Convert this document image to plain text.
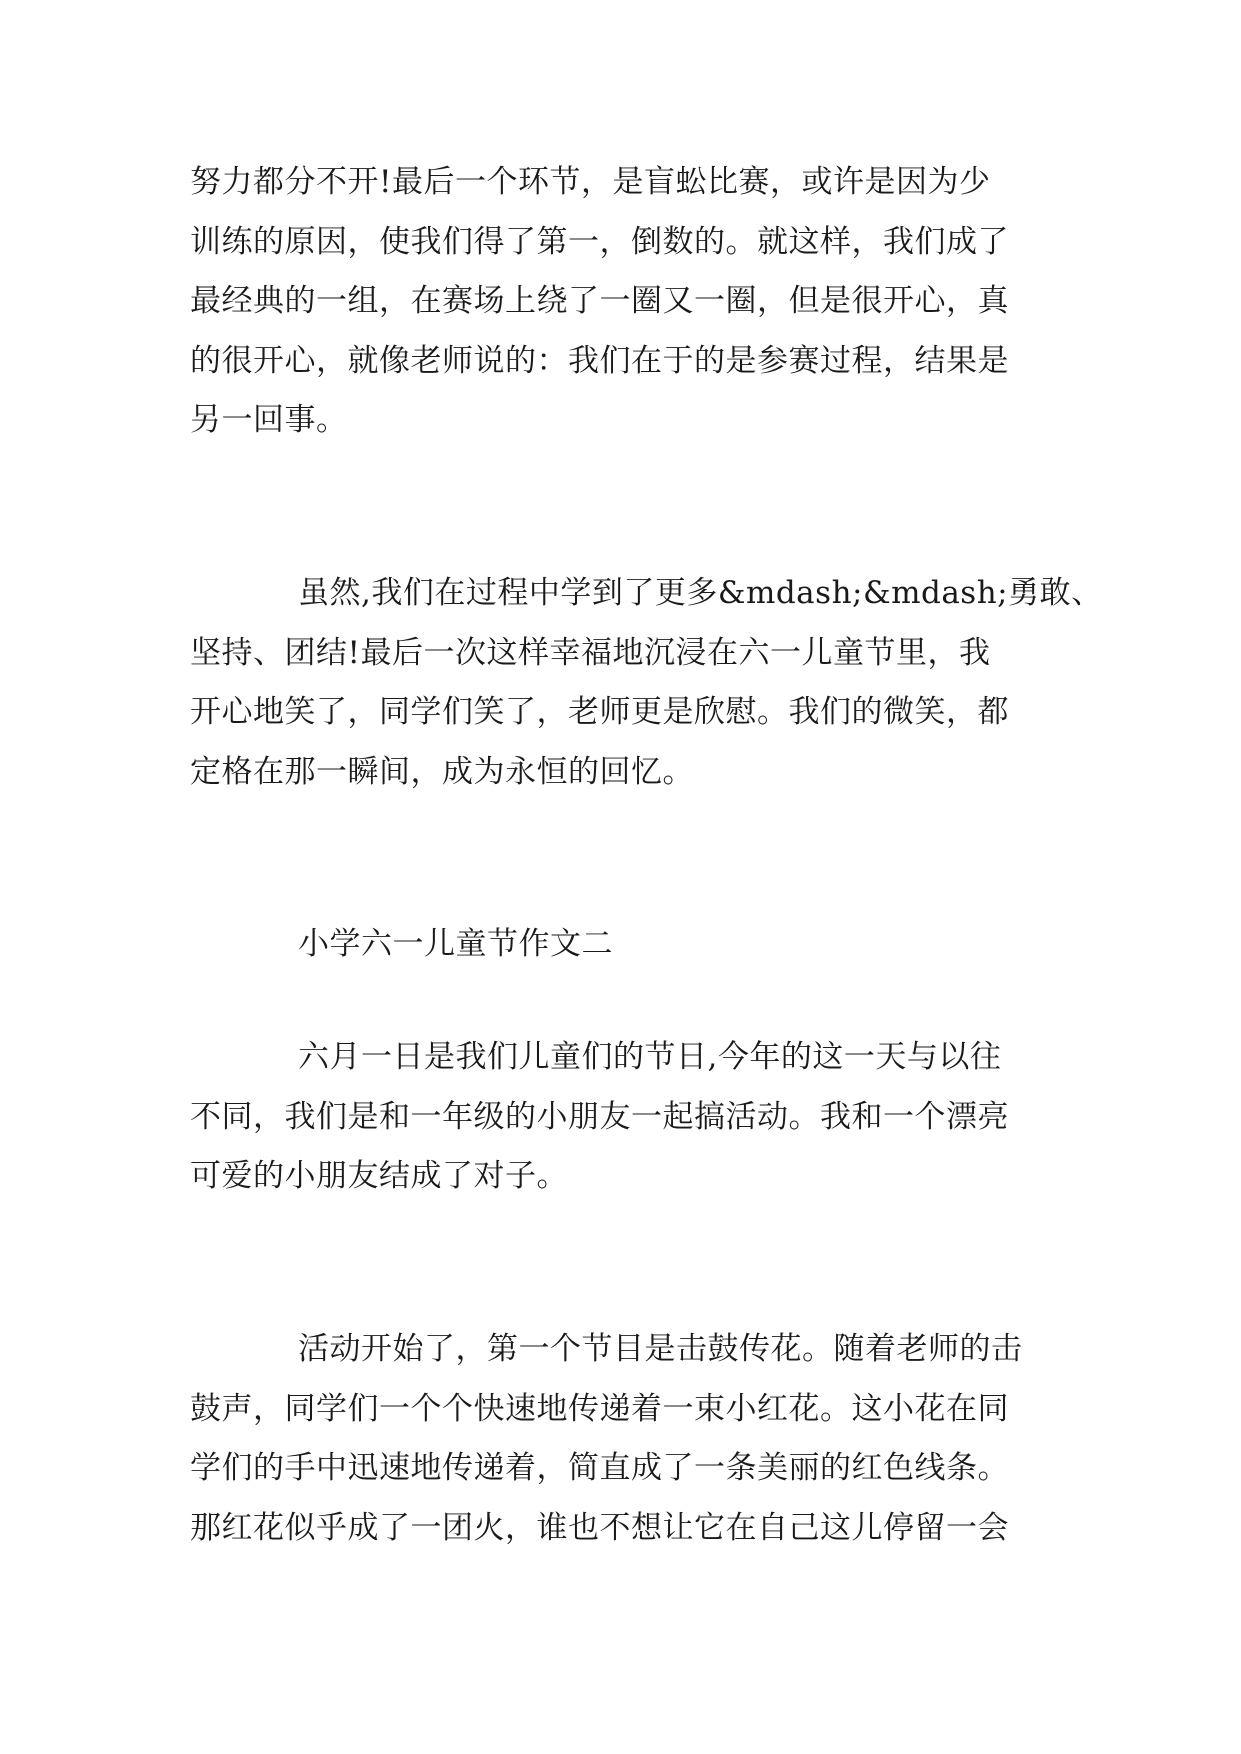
努力都分不开!最后一个环节，是盲蚣比赛，或许是因为少
训练的原因，使我们得了第一，倒数的。就这样，我们成了
最经典的一组，在赛场上绕了一圈又一圈，但是很开心，真
的很开心，就像老师说的：我们在于的是参赛过程，结果是
另一回事。
虽然,我们在过程中学到了更多&mdash;&mdash;勇敢、
坚持、团结!最后一次这样幸福地沉浸在六一儿童节里，我
开心地笑了，同学们笑了，老师更是欣慰。我们的微笑，都
定格在那一瞬间，成为永恒的回忆。
小学六一儿童节作文二
六月一日是我们儿童们的节日,今年的这一天与以往
不同，我们是和一年级的小朋友一起搞活动。我和一个漂亮
可爱的小朋友结成了对子。
活动开始了，第一个节目是击鼓传花。随着老师的击
鼓声，同学们一个个快速地传递着一束小红花。这小花在同
学们的手中迅速地传递着，简直成了一条美丽的红色线条。
那红花似乎成了一团火，谁也不想让它在自己这儿停留一会
